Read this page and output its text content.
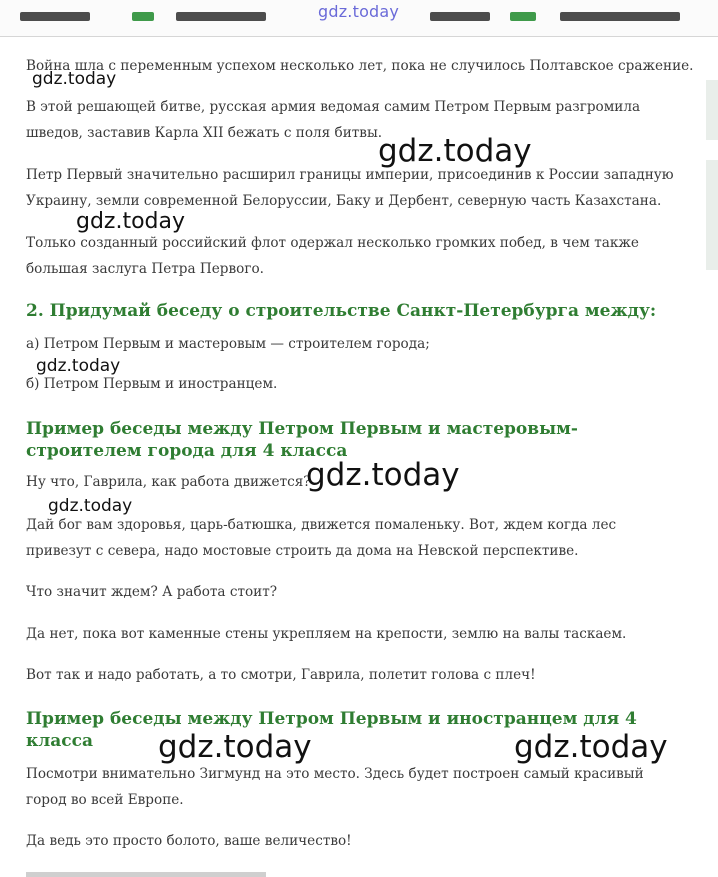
gdz.today

Война шла с переменным успехом несколько лет, пока не случилось Полтавское сражение.

В этой решающей битве, русская армия ведомая самим Петром Первым разгромила

шведов, заставив Карла XII бежать с поля битвы.

Петр Первый значительно расширил границы империи, присоединив к России западную

Украину, земли современной Белоруссии, Баку и Дербент, северную часть Казахстана.

Только созданный российский флот одержал несколько громких побед, в чем также

большая заслуга Петра Первого.

2. Придумай беседу о строительстве Санкт-Петербурга между:

а) Петром Первым и мастеровым — строителем города;

б) Петром Первым и иностранцем.

Пример беседы между Петром Первым и мастеровым-
строителем города для 4 класса

Ну что, Гаврила, как работа движется?

Дай бог вам здоровья, царь-батюшка, движется помаленьку. Вот, ждем когда лес

привезут с севера, надо мостовые строить да дома на Невской перспективе.

Что значит ждем? А работа стоит?

Да нет, пока вот каменные стены укрепляем на крепости, землю на валы таскаем.

Вот так и надо работать, а то смотри, Гаврила, полетит голова с плеч!

Пример беседы между Петром Первым и иностранцем для 4
класса

Посмотри внимательно Зигмунд на это место. Здесь будет построен самый красивый

город во всей Европе.

Да ведь это просто болото, ваше величество!

gdz.today
gdz.today
gdz.today
gdz.today
gdz.today
gdz.today
gdz.today	gdz.today
